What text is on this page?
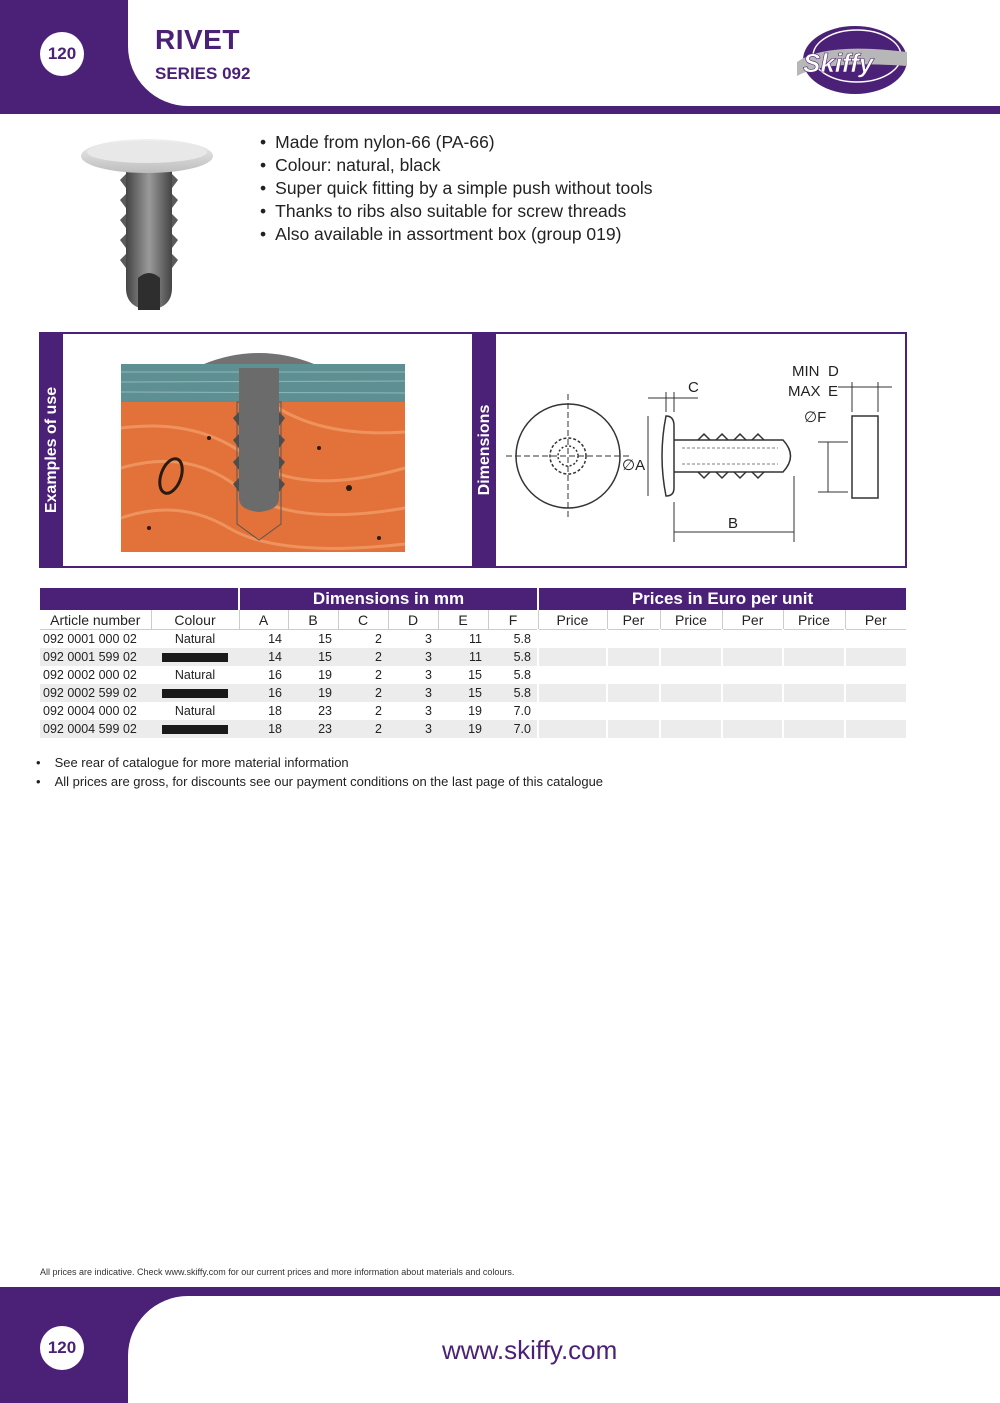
120	RIVET
SERIES 092	Skiffy
• Made from nylon-66 (PA-66)
• Colour: natural, black
• Super quick fitting by a simple push without tools
• Thanks to ribs also suitable for screw threads
• Also available in assortment box (group 019)
Examples of use	Dimensions
C
∅A
B
∅F
MIN D
MAX E
		Dimensions in mm						Prices in Euro per unit					
Article number	Colour	A	B	C	D	E	F	Price	Per	Price	Per	Price	Per
092 0001 000 02	Natural	14	15	2	3	11	5.8						
092 0001 599 02		14	15	2	3	11	5.8						
092 0002 000 02	Natural	16	19	2	3	15	5.8						
092 0002 599 02		16	19	2	3	15	5.8						
092 0004 000 02	Natural	18	23	2	3	19	7.0						
092 0004 599 02		18	23	2	3	19	7.0						
• See rear of catalogue for more material information
• All prices are gross, for discounts see our payment conditions on the last page of this catalogue
All prices are indicative. Check www.skiffy.com for our current prices and more information about materials and colours.
120	www.skiffy.com
